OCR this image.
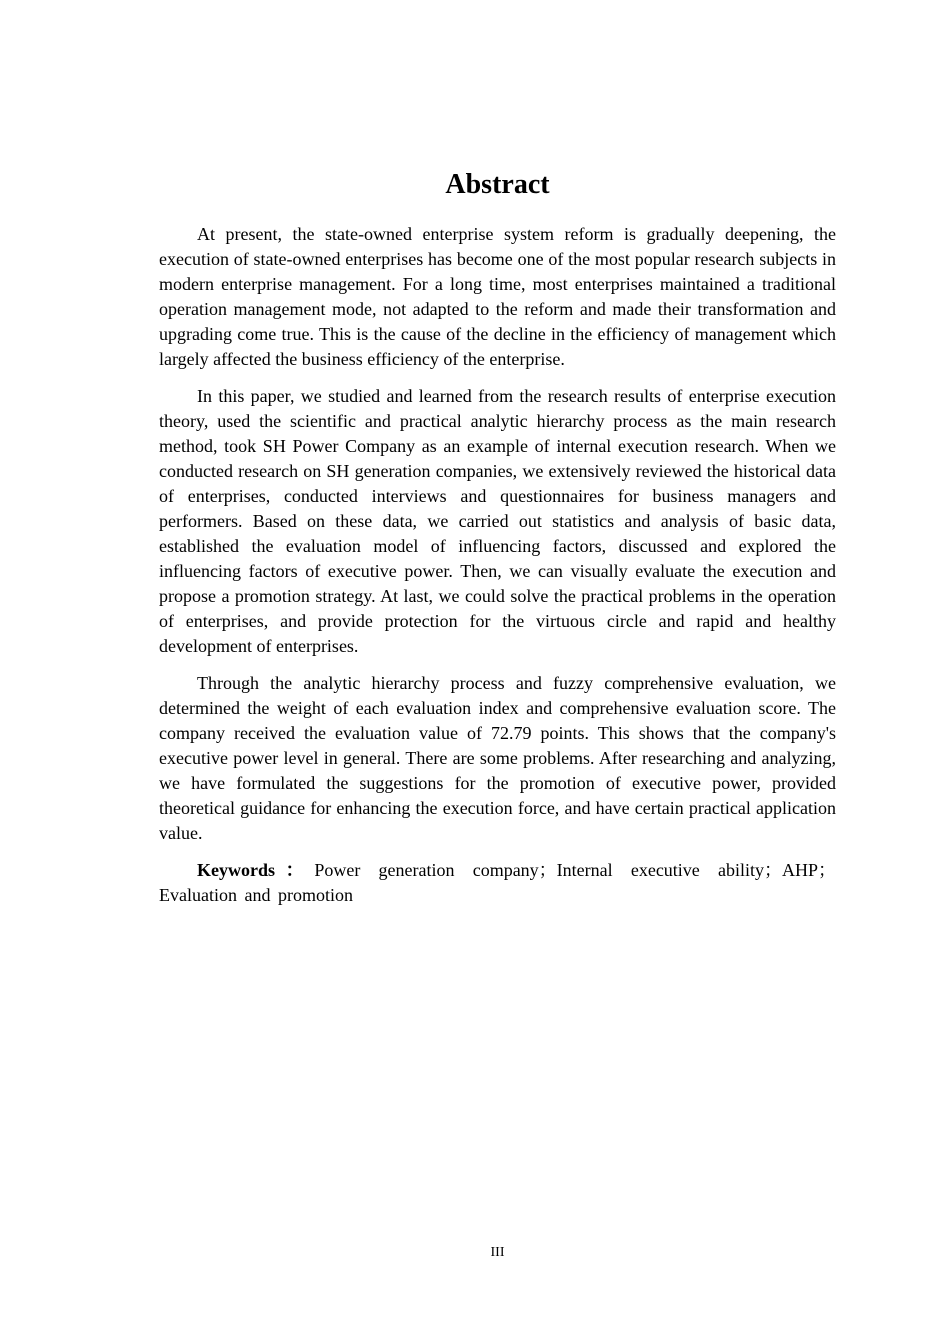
Abstract

At present, the state-owned enterprise system reform is gradually deepening, the execution of state-owned enterprises has become one of the most popular research subjects in modern enterprise management. For a long time, most enterprises maintained a traditional operation management mode, not adapted to the reform and made their transformation and upgrading come true. This is the cause of the decline in the efficiency of management which largely affected the business efficiency of the enterprise.

In this paper, we studied and learned from the research results of enterprise execution theory, used the scientific and practical analytic hierarchy process as the main research method, took SH Power Company as an example of internal execution research. When we conducted research on SH generation companies, we extensively reviewed the historical data of enterprises, conducted interviews and questionnaires for business managers and performers. Based on these data, we carried out statistics and analysis of basic data, established the evaluation model of influencing factors, discussed and explored the influencing factors of executive power. Then, we can visually evaluate the execution and propose a promotion strategy. At last, we could solve the practical problems in the operation of enterprises, and provide protection for the virtuous circle and rapid and healthy development of enterprises.

Through the analytic hierarchy process and fuzzy comprehensive evaluation, we determined the weight of each evaluation index and comprehensive evaluation score. The company received the evaluation value of 72.79 points. This shows that the company's executive power level in general. There are some problems. After researching and analyzing, we have formulated the suggestions for the promotion of executive power, provided theoretical guidance for enhancing the execution force, and have certain practical application value.

Keywords：Power generation company；Internal executive ability；AHP；Evaluation and promotion

III
